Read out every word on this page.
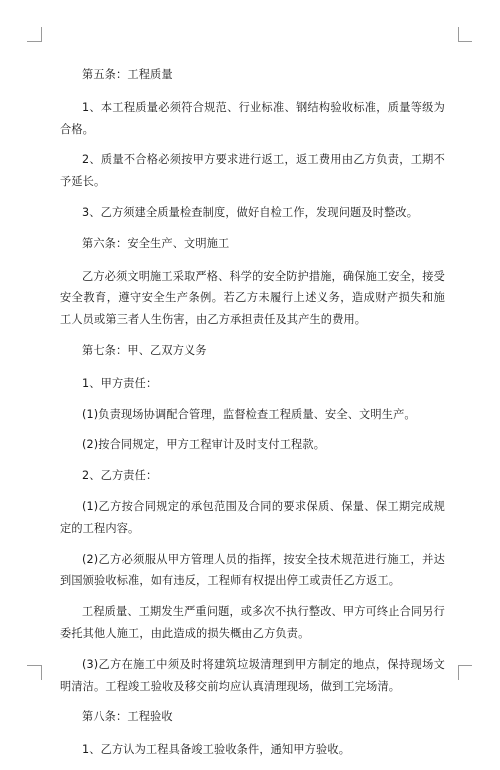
第五条：工程质量

1、本工程质量必须符合规范、行业标准、钢结构验收标准，质量等级为合格。

2、质量不合格必须按甲方要求进行返工，返工费用由乙方负责，工期不予延长。

3、乙方须建全质量检查制度，做好自检工作，发现问题及时整改。

第六条：安全生产、文明施工

乙方必须文明施工采取严格、科学的安全防护措施，确保施工安全，接受安全教育，遵守安全生产条例。若乙方未履行上述义务，造成财产损失和施工人员或第三者人生伤害，由乙方承担责任及其产生的费用。

第七条：甲、乙双方义务

1、甲方责任：

(1)负责现场协调配合管理，监督检查工程质量、安全、文明生产。

(2)按合同规定，甲方工程审计及时支付工程款。

2、乙方责任：

(1)乙方按合同规定的承包范围及合同的要求保质、保量、保工期完成规定的工程内容。

(2)乙方必须服从甲方管理人员的指挥，按安全技术规范进行施工，并达到国颁验收标准，如有违反，工程师有权提出停工或责任乙方返工。

工程质量、工期发生严重问题，或多次不执行整改、甲方可终止合同另行委托其他人施工，由此造成的损失概由乙方负责。

(3)乙方在施工中须及时将建筑垃圾清理到甲方制定的地点，保持现场文明清洁。工程竣工验收及移交前均应认真清理现场，做到工完场清。

第八条：工程验收

1、乙方认为工程具备竣工验收条件，通知甲方验收。
